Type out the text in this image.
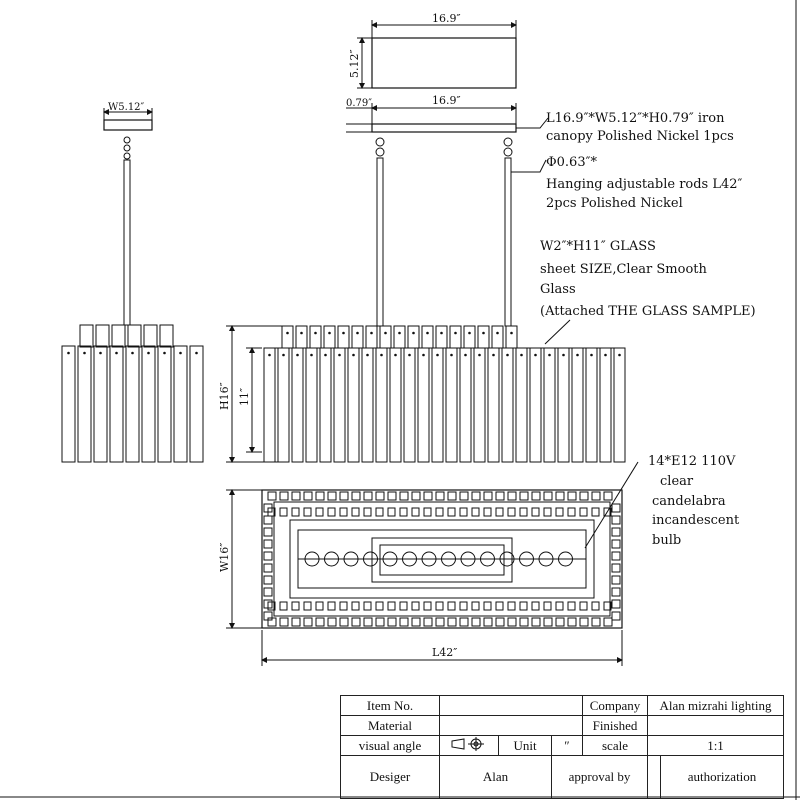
16.9″
5.12″
16.9″
0.79″
W5.12″
H16″ 11″
W16″
L42″
L16.9″*W5.12″*H0.79″ iron
canopy Polished Nickel 1pcs
Φ0.63″*
Hanging adjustable rods L42″
2pcs Polished Nickel
W2″*H11″ GLASS
sheet SIZE,Clear Smooth
Glass
(Attached THE GLASS SAMPLE)
14*E12 110V
clear
candelabra
incandescent
bulb
Item No.				Company	Alan mizrahi lighting	
Material				Finished		
visual angle		Unit	″	scale	1:1	
Desiger	Alan		approval by			authorization
